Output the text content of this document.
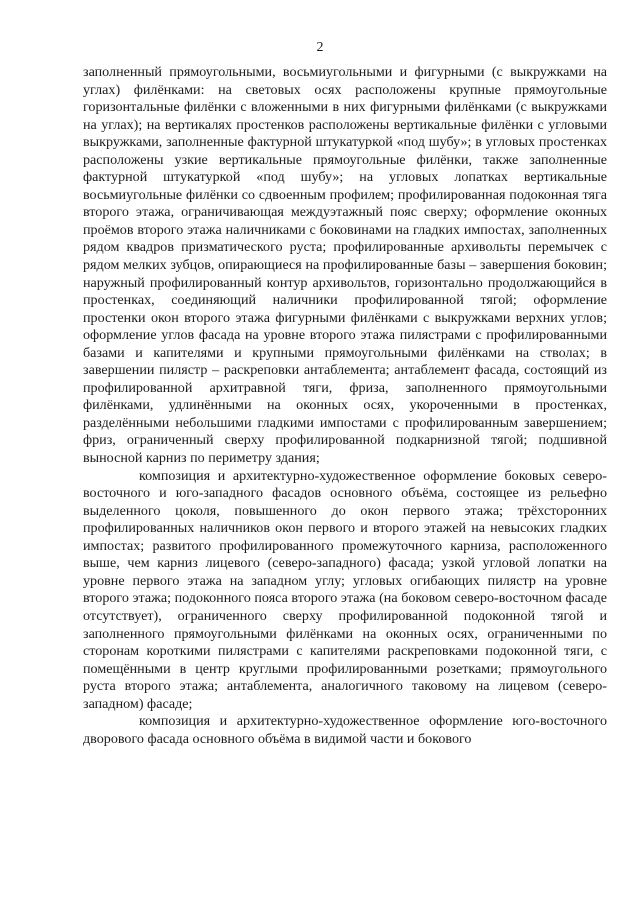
2

заполненный прямоугольными, восьмиугольными и фигурными (с выкружками на углах) филёнками: на световых осях расположены крупные прямоугольные горизонтальные филёнки с вложенными в них фигурными филёнками (с выкружками на углах); на вертикалях простенков расположены вертикальные филёнки с угловыми выкружками, заполненные фактурной штукатуркой «под шубу»; в угловых простенках расположены узкие вертикальные прямоугольные филёнки, также заполненные фактурной штукатуркой «под шубу»; на угловых лопатках вертикальные восьмиугольные филёнки со сдвоенным профилем; профилированная подоконная тяга второго этажа, ограничивающая междуэтажный пояс сверху; оформление оконных проёмов второго этажа наличниками с боковинами на гладких импостах, заполненных рядом квадров призматического руста; профилированные архивольты перемычек с рядом мелких зубцов, опирающиеся на профилированные базы – завершения боковин; наружный профилированный контур архивольтов, горизонтально продолжающийся в простенках, соединяющий наличники профилированной тягой; оформление простенки окон второго этажа фигурными филёнками с выкружками верхних углов; оформление углов фасада на уровне второго этажа пилястрами с профилированными базами и капителями и крупными прямоугольными филёнками на стволах; в завершении пилястр – раскреповки антаблемента; антаблемент фасада, состоящий из профилированной архитравной тяги, фриза, заполненного прямоугольными филёнками, удлинёнными на оконных осях, укороченными в простенках, разделёнными небольшими гладкими импостами с профилированным завершением; фриз, ограниченный сверху профилированной подкарнизной тягой; подшивной выносной карниз по периметру здания;

композиция и архитектурно-художественное оформление боковых северо-восточного и юго-западного фасадов основного объёма, состоящее из рельефно выделенного цоколя, повышенного до окон первого этажа; трёхсторонних профилированных наличников окон первого и второго этажей на невысоких гладких импостах; развитого профилированного промежуточного карниза, расположенного выше, чем карниз лицевого (северо-западного) фасада; узкой угловой лопатки на уровне первого этажа на западном углу; угловых огибающих пилястр на уровне второго этажа; подоконного пояса второго этажа (на боковом северо-восточном фасаде отсутствует), ограниченного сверху профилированной подоконной тягой и заполненного прямоугольными филёнками на оконных осях, ограниченными по сторонам короткими пилястрами с капителями раскреповками подоконной тяги, с помещёнными в центр круглыми профилированными розетками; прямоугольного руста второго этажа; антаблемента, аналогичного таковому на лицевом (северо-западном) фасаде;

композиция и архитектурно-художественное оформление юго-восточного дворового фасада основного объёма в видимой части и бокового
